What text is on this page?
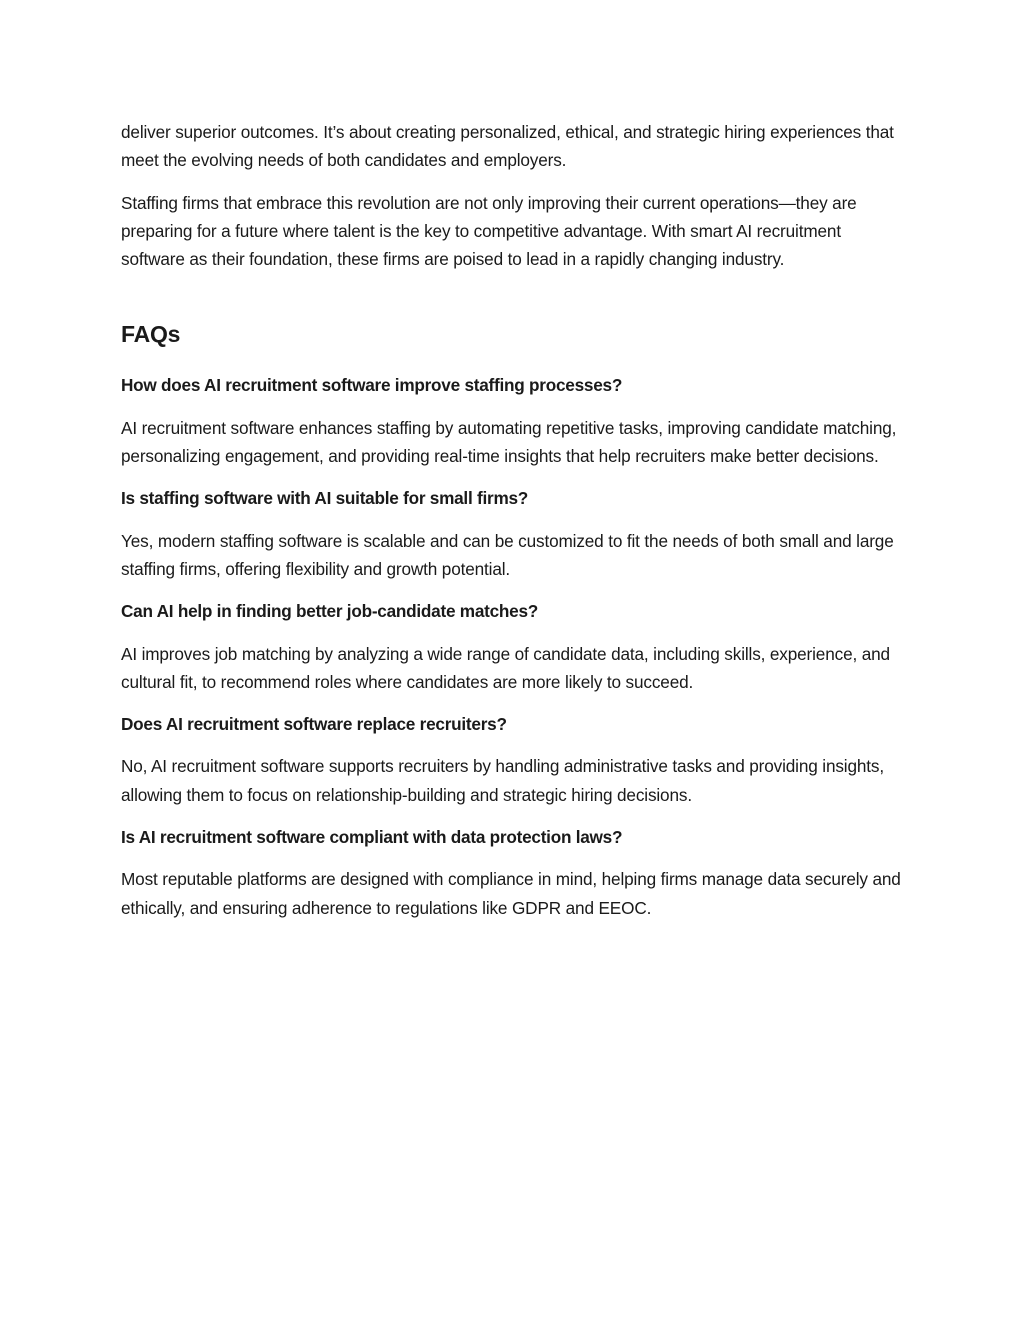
deliver superior outcomes. It’s about creating personalized, ethical, and strategic hiring experiences that meet the evolving needs of both candidates and employers.

Staffing firms that embrace this revolution are not only improving their current operations—they are preparing for a future where talent is the key to competitive advantage. With smart AI recruitment software as their foundation, these firms are poised to lead in a rapidly changing industry.

FAQs

How does AI recruitment software improve staffing processes?

AI recruitment software enhances staffing by automating repetitive tasks, improving candidate matching, personalizing engagement, and providing real-time insights that help recruiters make better decisions.

Is staffing software with AI suitable for small firms?

Yes, modern staffing software is scalable and can be customized to fit the needs of both small and large staffing firms, offering flexibility and growth potential.

Can AI help in finding better job-candidate matches?

AI improves job matching by analyzing a wide range of candidate data, including skills, experience, and cultural fit, to recommend roles where candidates are more likely to succeed.

Does AI recruitment software replace recruiters?

No, AI recruitment software supports recruiters by handling administrative tasks and providing insights, allowing them to focus on relationship-building and strategic hiring decisions.

Is AI recruitment software compliant with data protection laws?

Most reputable platforms are designed with compliance in mind, helping firms manage data securely and ethically, and ensuring adherence to regulations like GDPR and EEOC.
